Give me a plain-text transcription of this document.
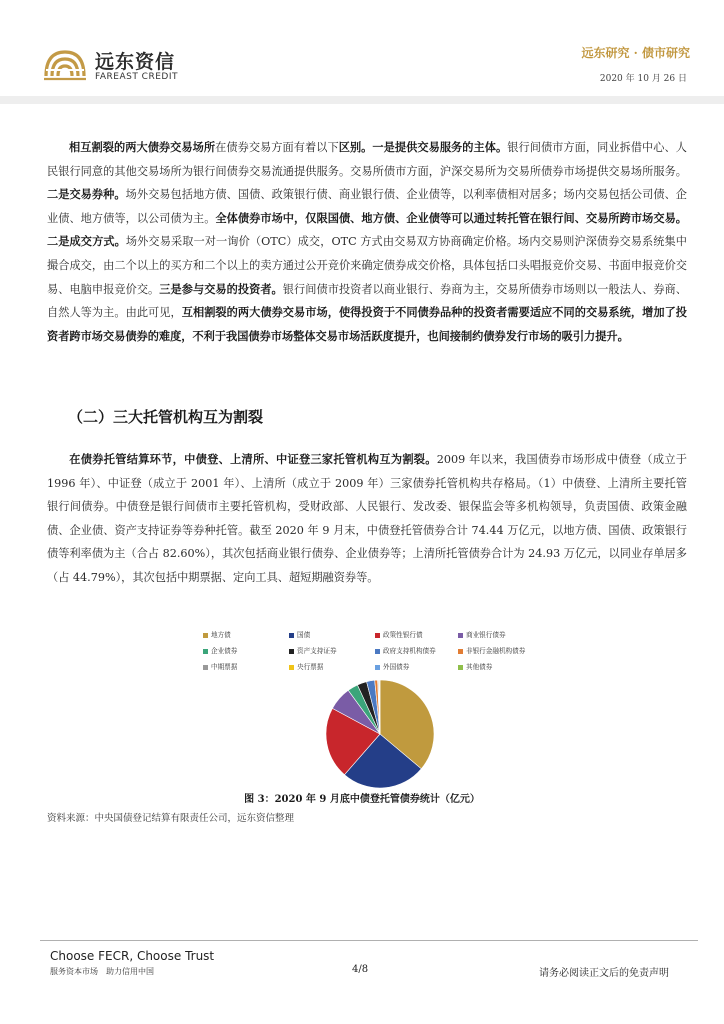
远东资信
FAREAST CREDIT
远东研究 · 债市研究
2020 年 10 月 26 日
相互割裂的两大债券交易场所在债券交易方面有着以下区别。一是提供交易服务的主体。银行间债市方面，同业拆借中心、人民银行同意的其他交易场所为银行间债券交易流通提供服务。交易所债市方面，沪深交易所为交易所债券市场提供交易场所服务。二是交易券种。场外交易包括地方债、国债、政策银行债、商业银行债、企业债等，以利率债相对居多；场内交易包括公司债、企业债、地方债等，以公司债为主。全体债券市场中，仅限国债、地方债、企业债等可以通过转托管在银行间、交易所跨市场交易。二是成交方式。场外交易采取一对一询价（OTC）成交，OTC 方式由交易双方协商确定价格。场内交易则沪深债券交易系统集中撮合成交，由二个以上的买方和二个以上的卖方通过公开竞价来确定债券成交价格，具体包括口头唱报竞价交易、书面申报竞价交易、电脑申报竞价交。三是参与交易的投资者。银行间债市投资者以商业银行、券商为主，交易所债券市场则以一般法人、券商、自然人等为主。由此可见，互相割裂的两大债券交易市场，使得投资于不同债券品种的投资者需要适应不同的交易系统，增加了投资者跨市场交易债券的难度，不利于我国债券市场整体交易市场活跃度提升，也间接制约债券发行市场的吸引力提升。
（二）三大托管机构互为割裂
在债券托管结算环节，中债登、上清所、中证登三家托管机构互为割裂。2009 年以来，我国债券市场形成中债登（成立于 1996 年）、中证登（成立于 2001 年）、上清所（成立于 2009 年）三家债券托管机构共存格局。（1）中债登、上清所主要托管银行间债券。中债登是银行间债市主要托管机构，受财政部、人民银行、发改委、银保监会等多机构领导，负责国债、政策金融债、企业债、资产支持证券等券种托管。截至 2020 年 9 月末，中债登托管债券合计 74.44 万亿元，以地方债、国债、政策银行债等利率债为主（合占 82.60%），其次包括商业银行债券、企业债券等；上清所托管债券合计为 24.93 万亿元，以同业存单居多（占 44.79%），其次包括中期票据、定向工具、超短期融资券等。
地方债	国债	政策性银行债	商业银行债券
企业债券	资产支持证券	政府支持机构债券	非银行金融机构债券
中期票据	央行票据	外国债券	其他债券
图 3：2020 年 9 月底中债登托管债券统计（亿元）
资料来源：中央国债登记结算有限责任公司，远东资信整理
Choose FECR, Choose Trust
服务资本市场　助力信用中国	4/8	请务必阅读正文后的免责声明
